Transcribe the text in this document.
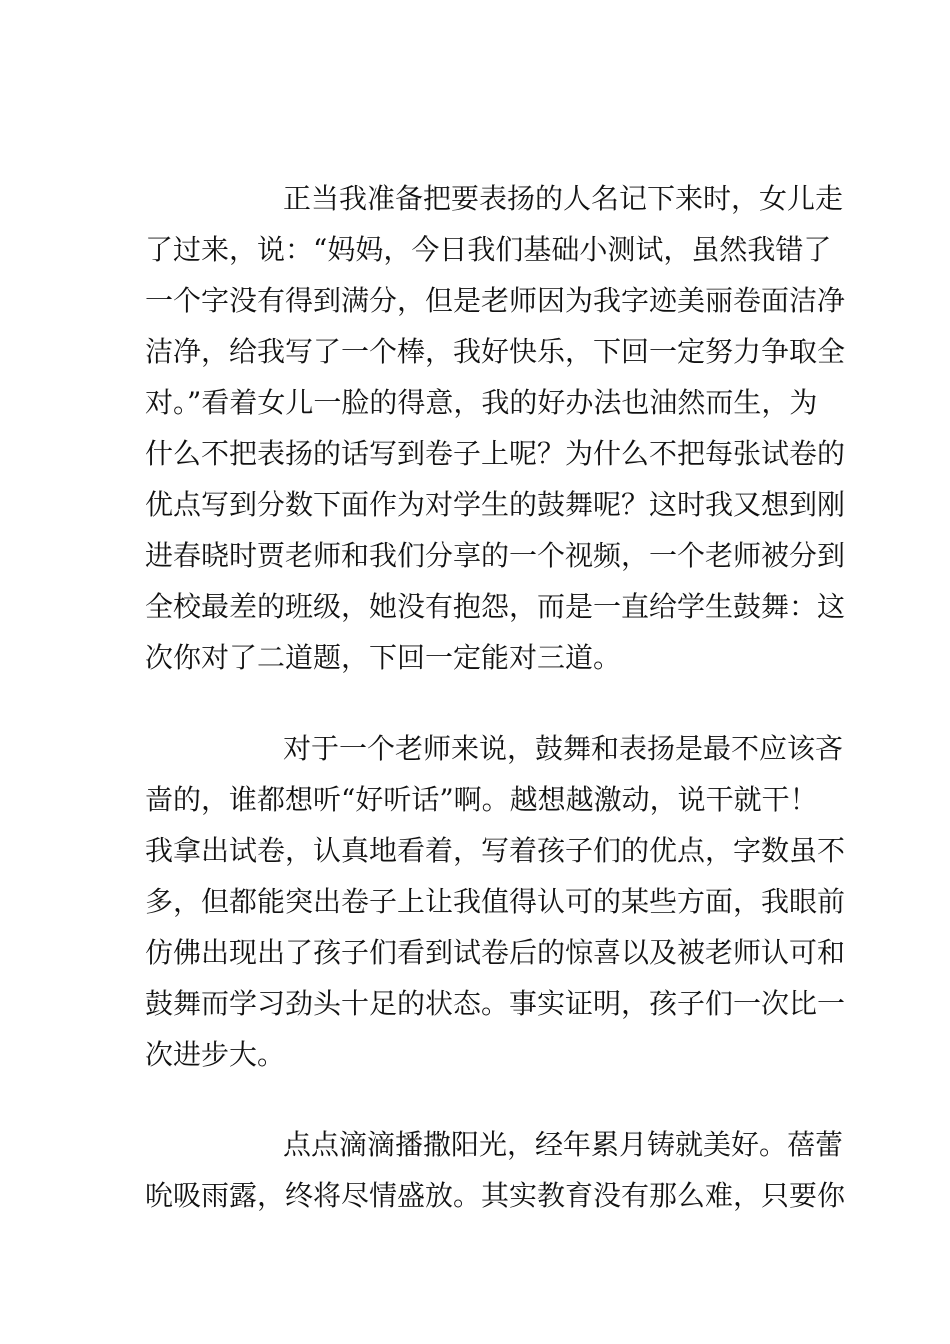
正当我准备把要表扬的人名记下来时，女儿走
了过来，说：“妈妈，今日我们基础小测试，虽然我错了
一个字没有得到满分，但是老师因为我字迹美丽卷面洁净
洁净，给我写了一个棒，我好快乐，下回一定努力争取全
对。”看着女儿一脸的得意，我的好办法也油然而生，为
什么不把表扬的话写到卷子上呢？为什么不把每张试卷的
优点写到分数下面作为对学生的鼓舞呢？这时我又想到刚
进春晓时贾老师和我们分享的一个视频，一个老师被分到
全校最差的班级，她没有抱怨，而是一直给学生鼓舞：这
次你对了二道题，下回一定能对三道。
对于一个老师来说，鼓舞和表扬是最不应该吝
啬的，谁都想听“好听话”啊。越想越激动，说干就干！
我拿出试卷，认真地看着，写着孩子们的优点，字数虽不
多，但都能突出卷子上让我值得认可的某些方面，我眼前
仿佛出现出了孩子们看到试卷后的惊喜以及被老师认可和
鼓舞而学习劲头十足的状态。事实证明，孩子们一次比一
次进步大。
点点滴滴播撒阳光，经年累月铸就美好。蓓蕾
吮吸雨露，终将尽情盛放。其实教育没有那么难，只要你
